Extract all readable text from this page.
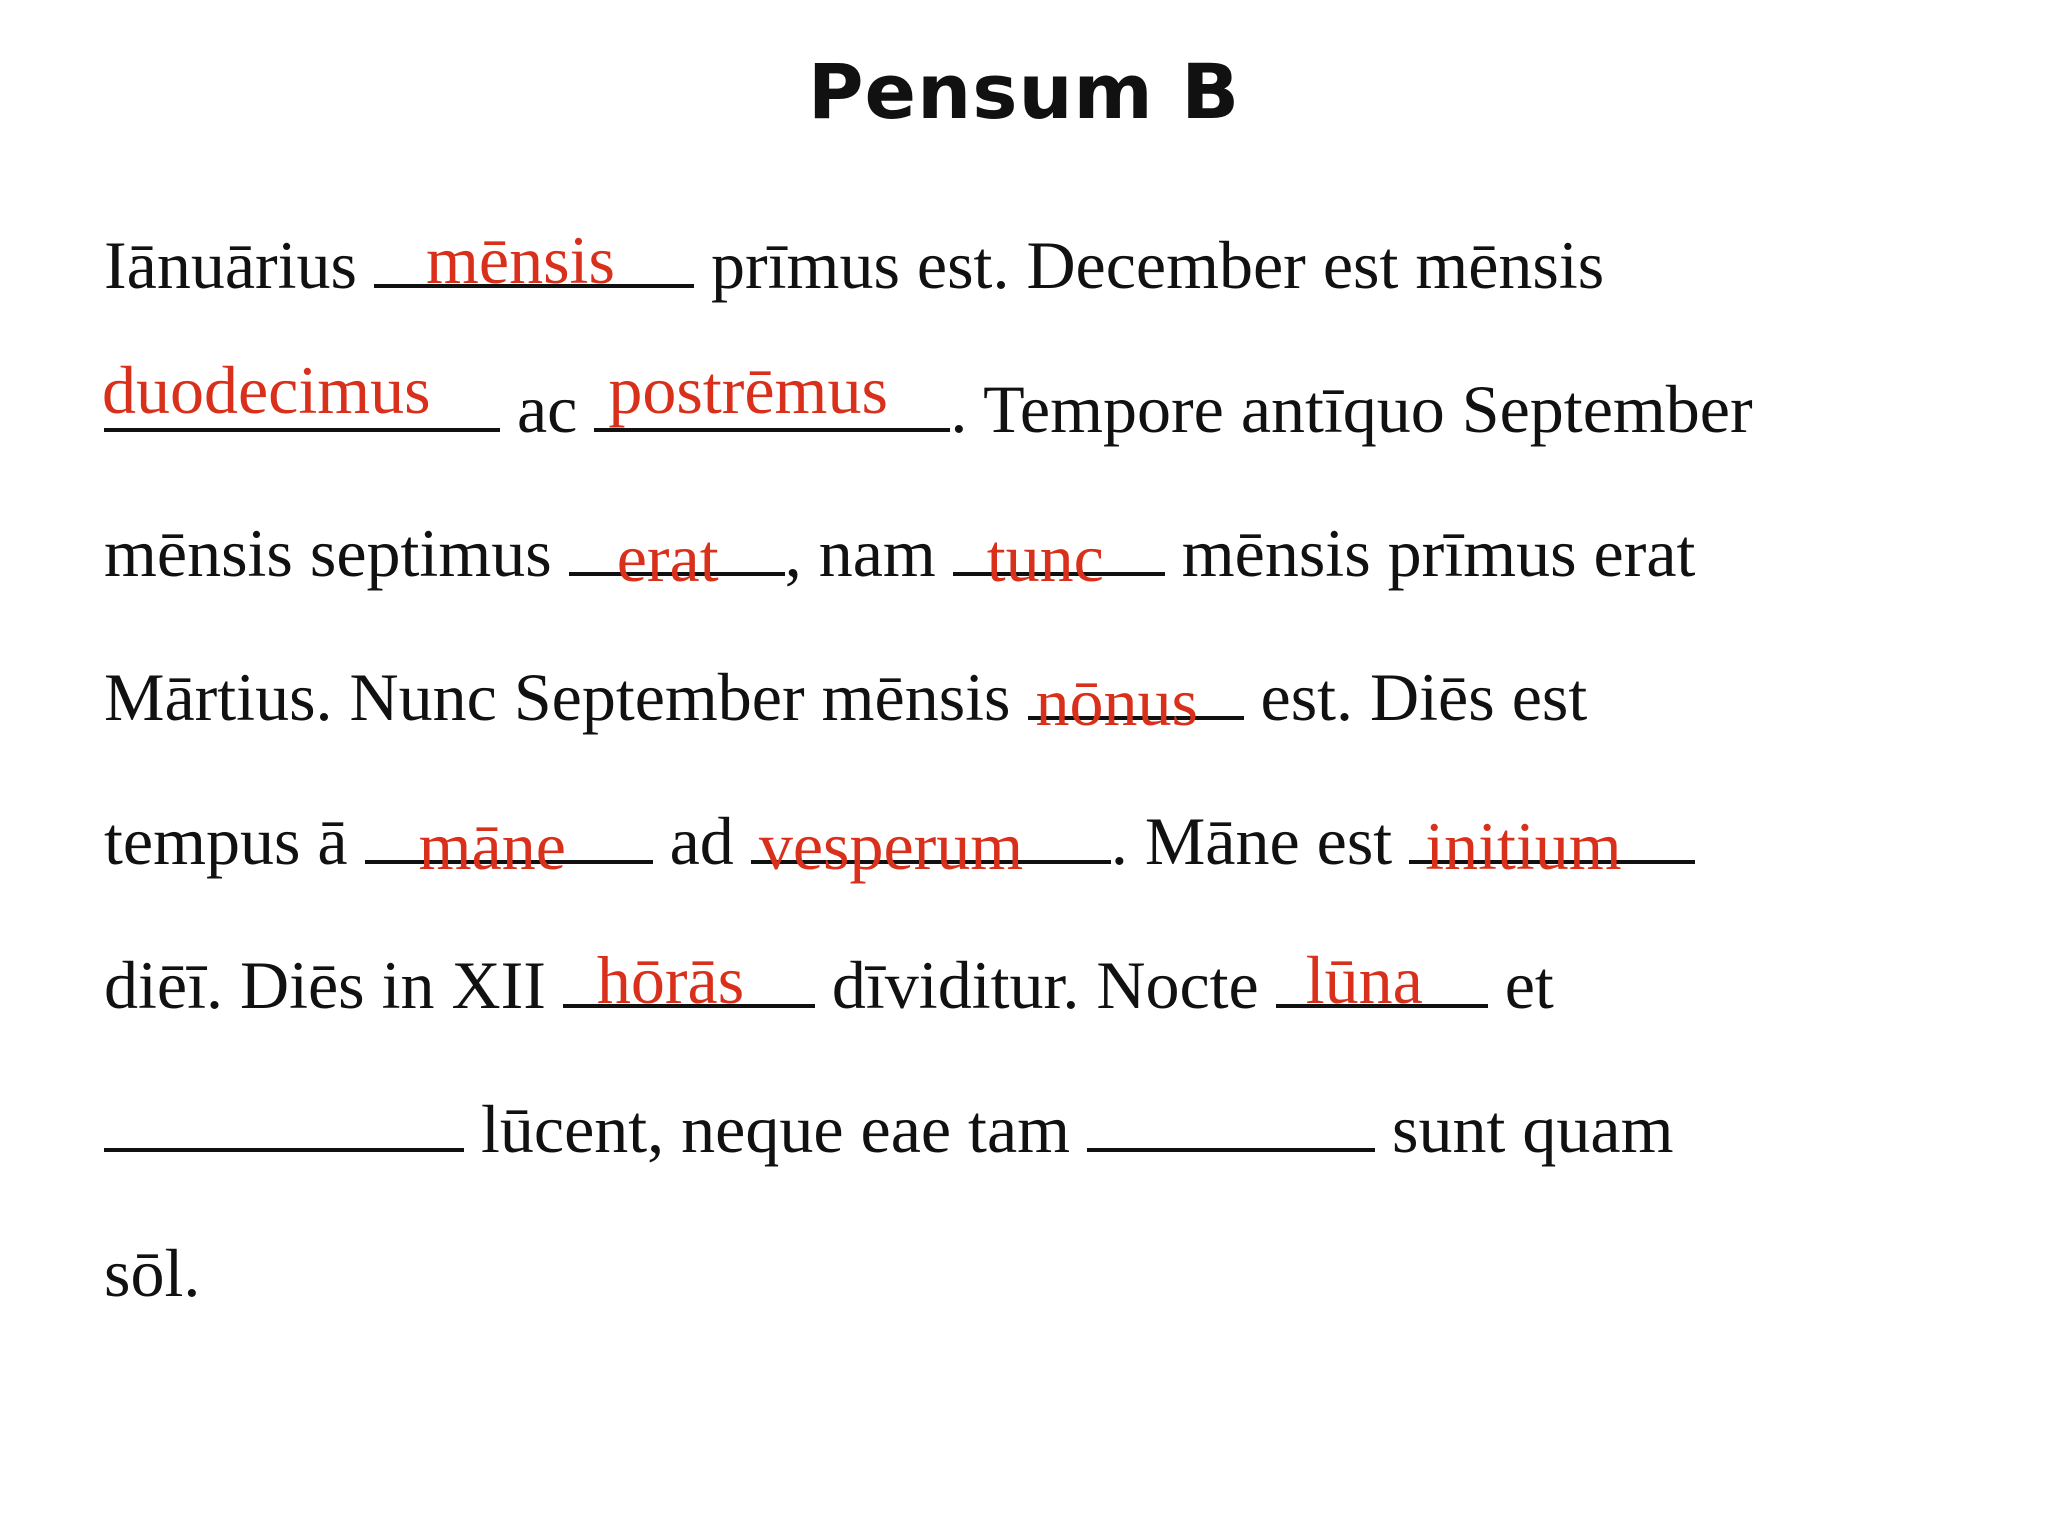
Pensum B
Iānuārius mēnsis prīmus est. December est mēnsis
duodecimus ac postrēmus . Tempore antīquo September
mēnsis septimus erat , nam tunc mēnsis prīmus erat
Mārtius. Nunc September mēnsis nōnus est. Diēs est
tempus ā māne ad vesperum . Māne est initium
diēī. Diēs in XII hōrās dīviditur. Nocte lūna et
lūcent, neque eae tam	sunt quam
sōl.
